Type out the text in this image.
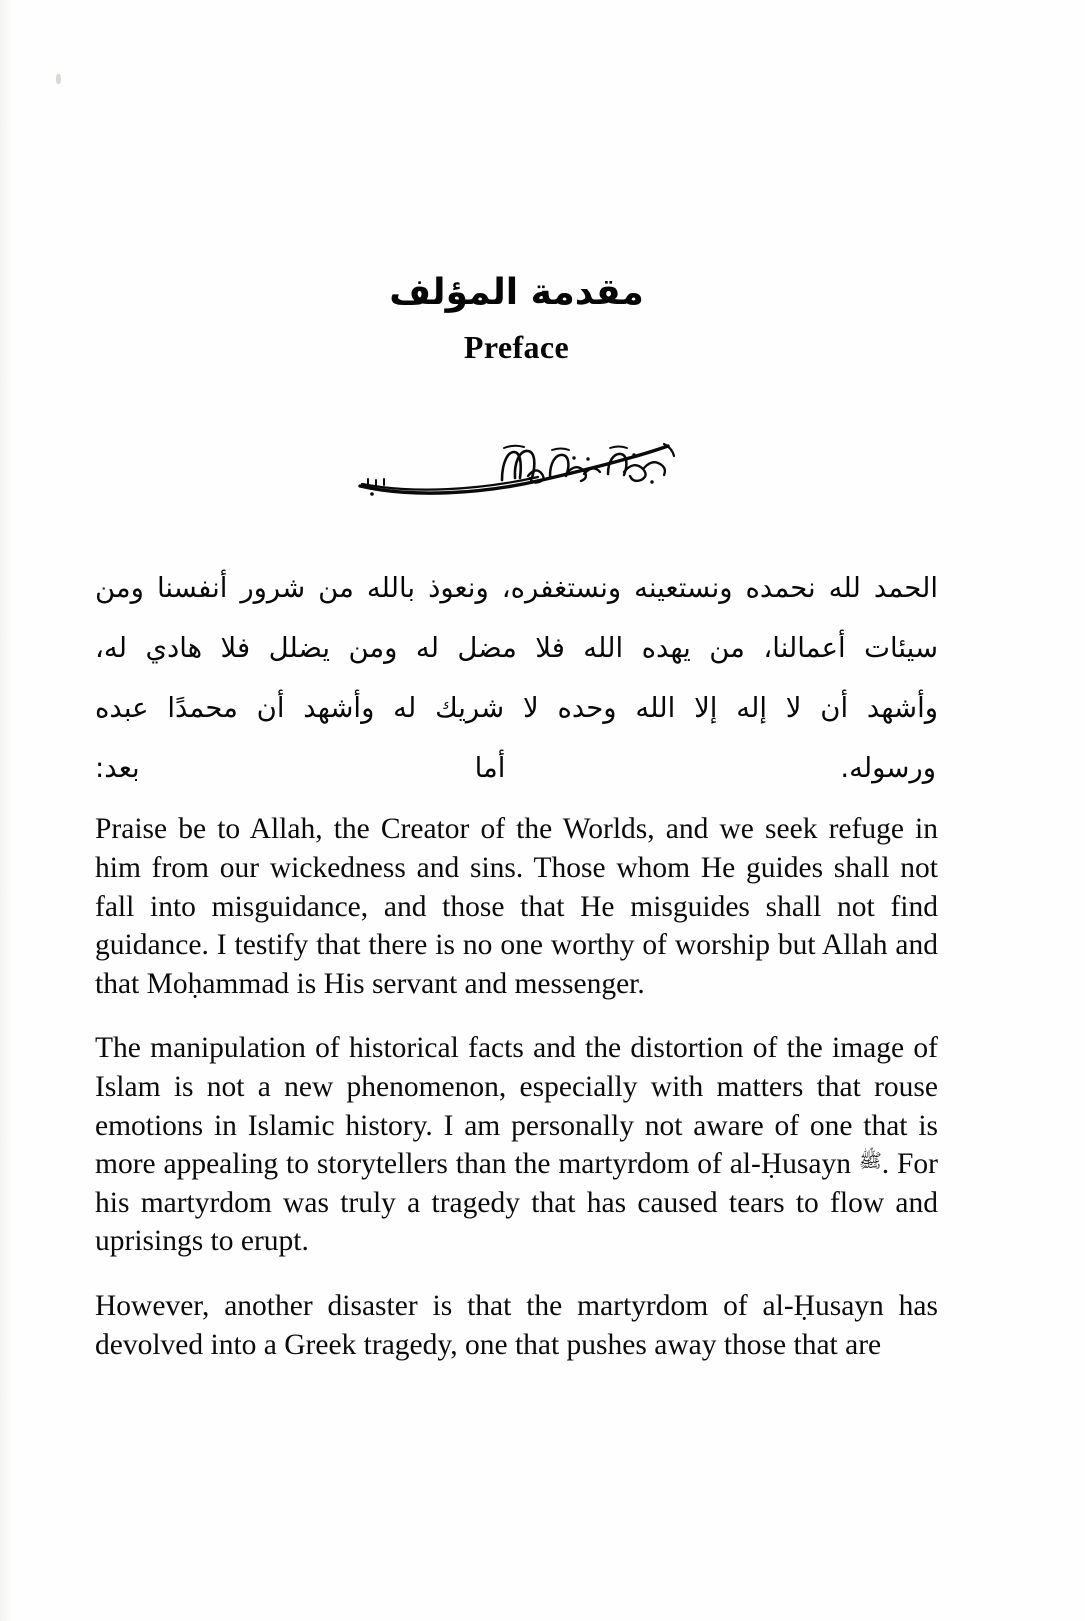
مقدمة المؤلف
Preface
الحمد لله نحمده ونستعينه ونستغفره، ونعوذ بالله من شرور أنفسنا ومن
سيئات أعمالنا، من يهده الله فلا مضل له ومن يضلل فلا هادي له،
وأشهد أن لا إله إلا الله وحده لا شريك له وأشهد أن محمدًا عبده
ورسوله. أما بعد:

Praise be to Allah, the Creator of the Worlds, and we seek refuge in him from our wickedness and sins. Those whom He guides shall not fall into misguidance, and those that He misguides shall not find guidance. I testify that there is no one worthy of worship but Allah and that Moḥammad is His servant and messenger.

The manipulation of historical facts and the distortion of the image of Islam is not a new phenomenon, especially with matters that rouse emotions in Islamic history. I am personally not aware of one that is more appealing to storytellers than the martyrdom of al-Ḥusayn ﷺ. For his martyrdom was truly a tragedy that has caused tears to flow and uprisings to erupt.

However, another disaster is that the martyrdom of al-Ḥusayn has devolved into a Greek tragedy, one that pushes away those that are
